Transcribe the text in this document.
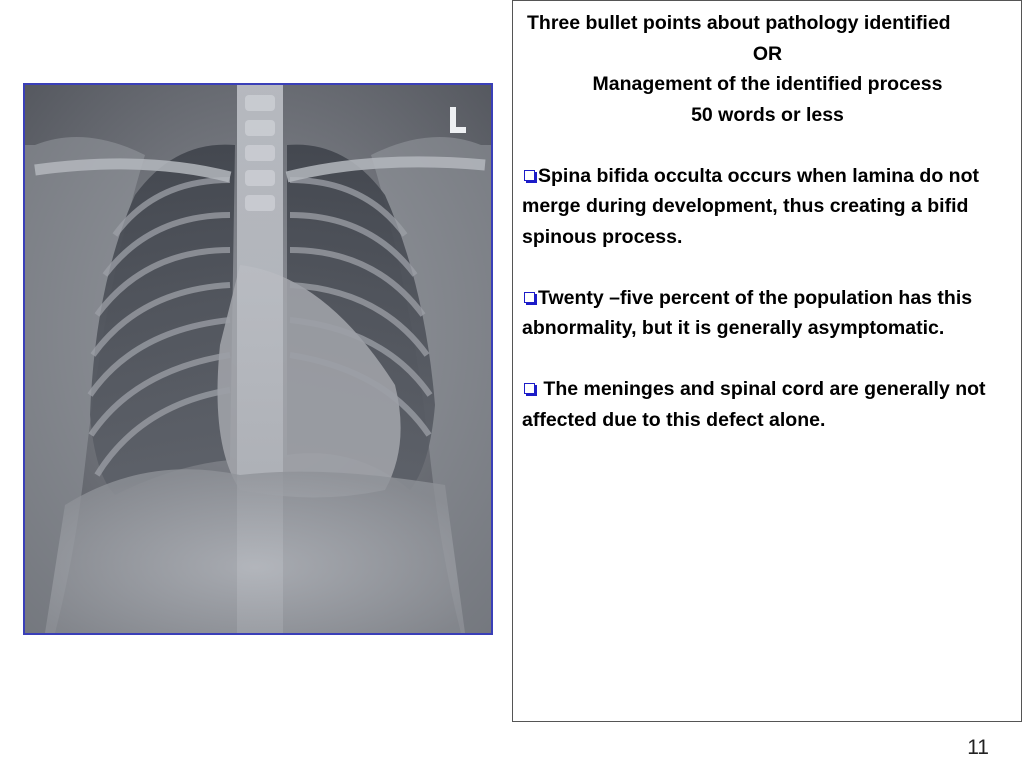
Three bullet points about pathology identified

OR

Management of the identified process

50 words or less

Spina bifida occulta occurs when lamina do not merge during development, thus creating a bifid spinous process.

Twenty –five percent of the population has this abnormality, but it is generally asymptomatic.

The meninges and spinal cord are generally not affected due to this defect alone.

11
